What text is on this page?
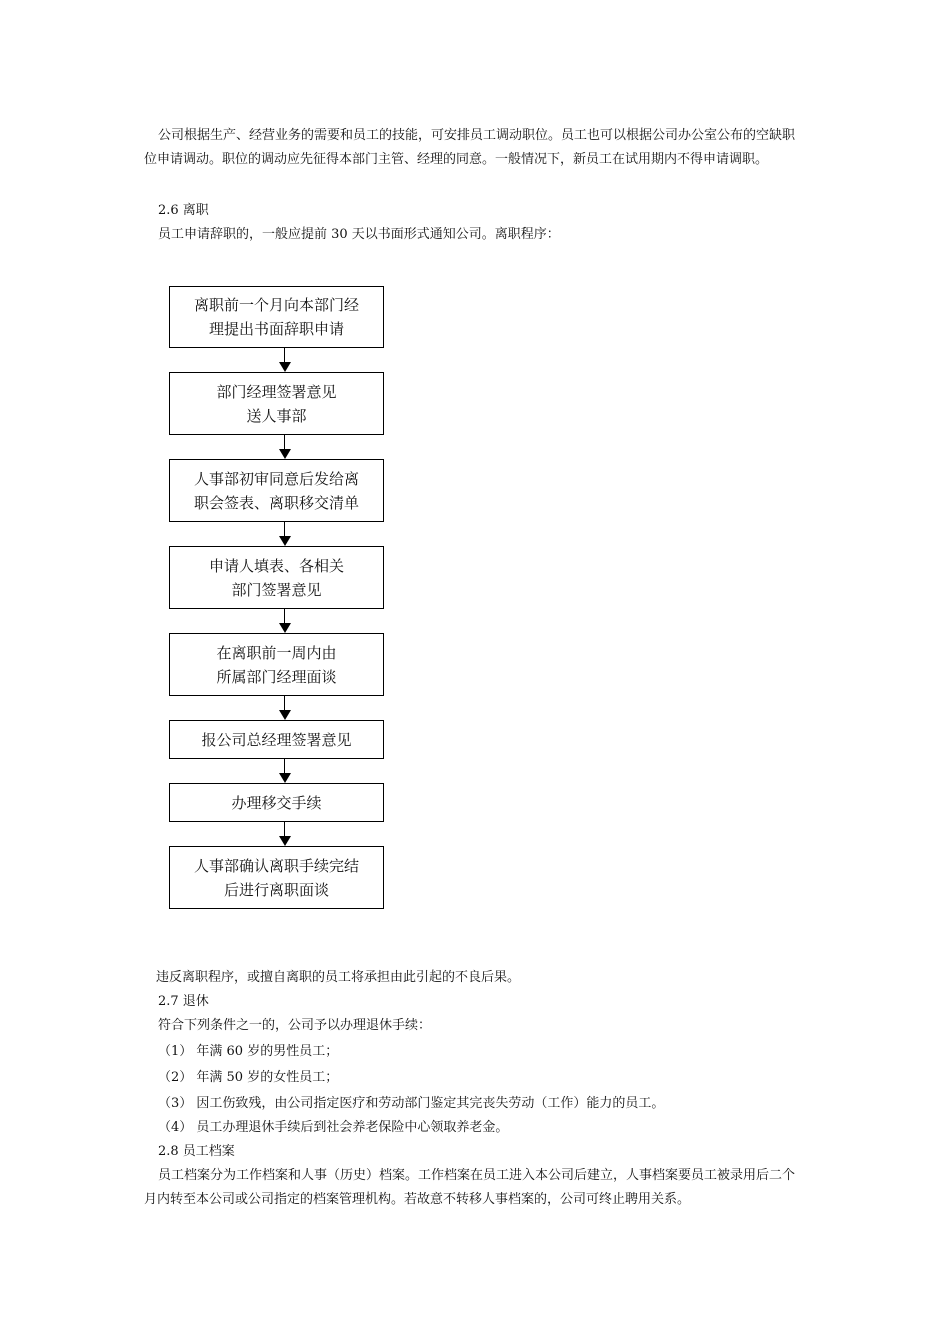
公司根据生产、经营业务的需要和员工的技能，可安排员工调动职位。员工也可以根据公司办公室公布的空缺职位申请调动。职位的调动应先征得本部门主管、经理的同意。一般情况下，新员工在试用期内不得申请调职。

2.6 离职
员工申请辞职的，一般应提前 30 天以书面形式通知公司。离职程序：
离职前一个月向本部门经
理提出书面辞职申请
部门经理签署意见
送人事部
人事部初审同意后发给离
职会签表、离职移交清单
申请人填表、各相关
部门签署意见
在离职前一周内由
所属部门经理面谈
报公司总经理签署意见
办理移交手续
人事部确认离职手续完结
后进行离职面谈
违反离职程序，或擅自离职的员工将承担由此引起的不良后果。
2.7 退休
符合下列条件之一的，公司予以办理退休手续：
（1） 年满 60 岁的男性员工；
（2） 年满 50 岁的女性员工；
（3） 因工伤致残，由公司指定医疗和劳动部门鉴定其完丧失劳动（工作）能力的员工。
（4） 员工办理退休手续后到社会养老保险中心领取养老金。
2.8 员工档案

员工档案分为工作档案和人事（历史）档案。工作档案在员工进入本公司后建立，人事档案要员工被录用后二个月内转至本公司或公司指定的档案管理机构。若故意不转移人事档案的，公司可终止聘用关系。
